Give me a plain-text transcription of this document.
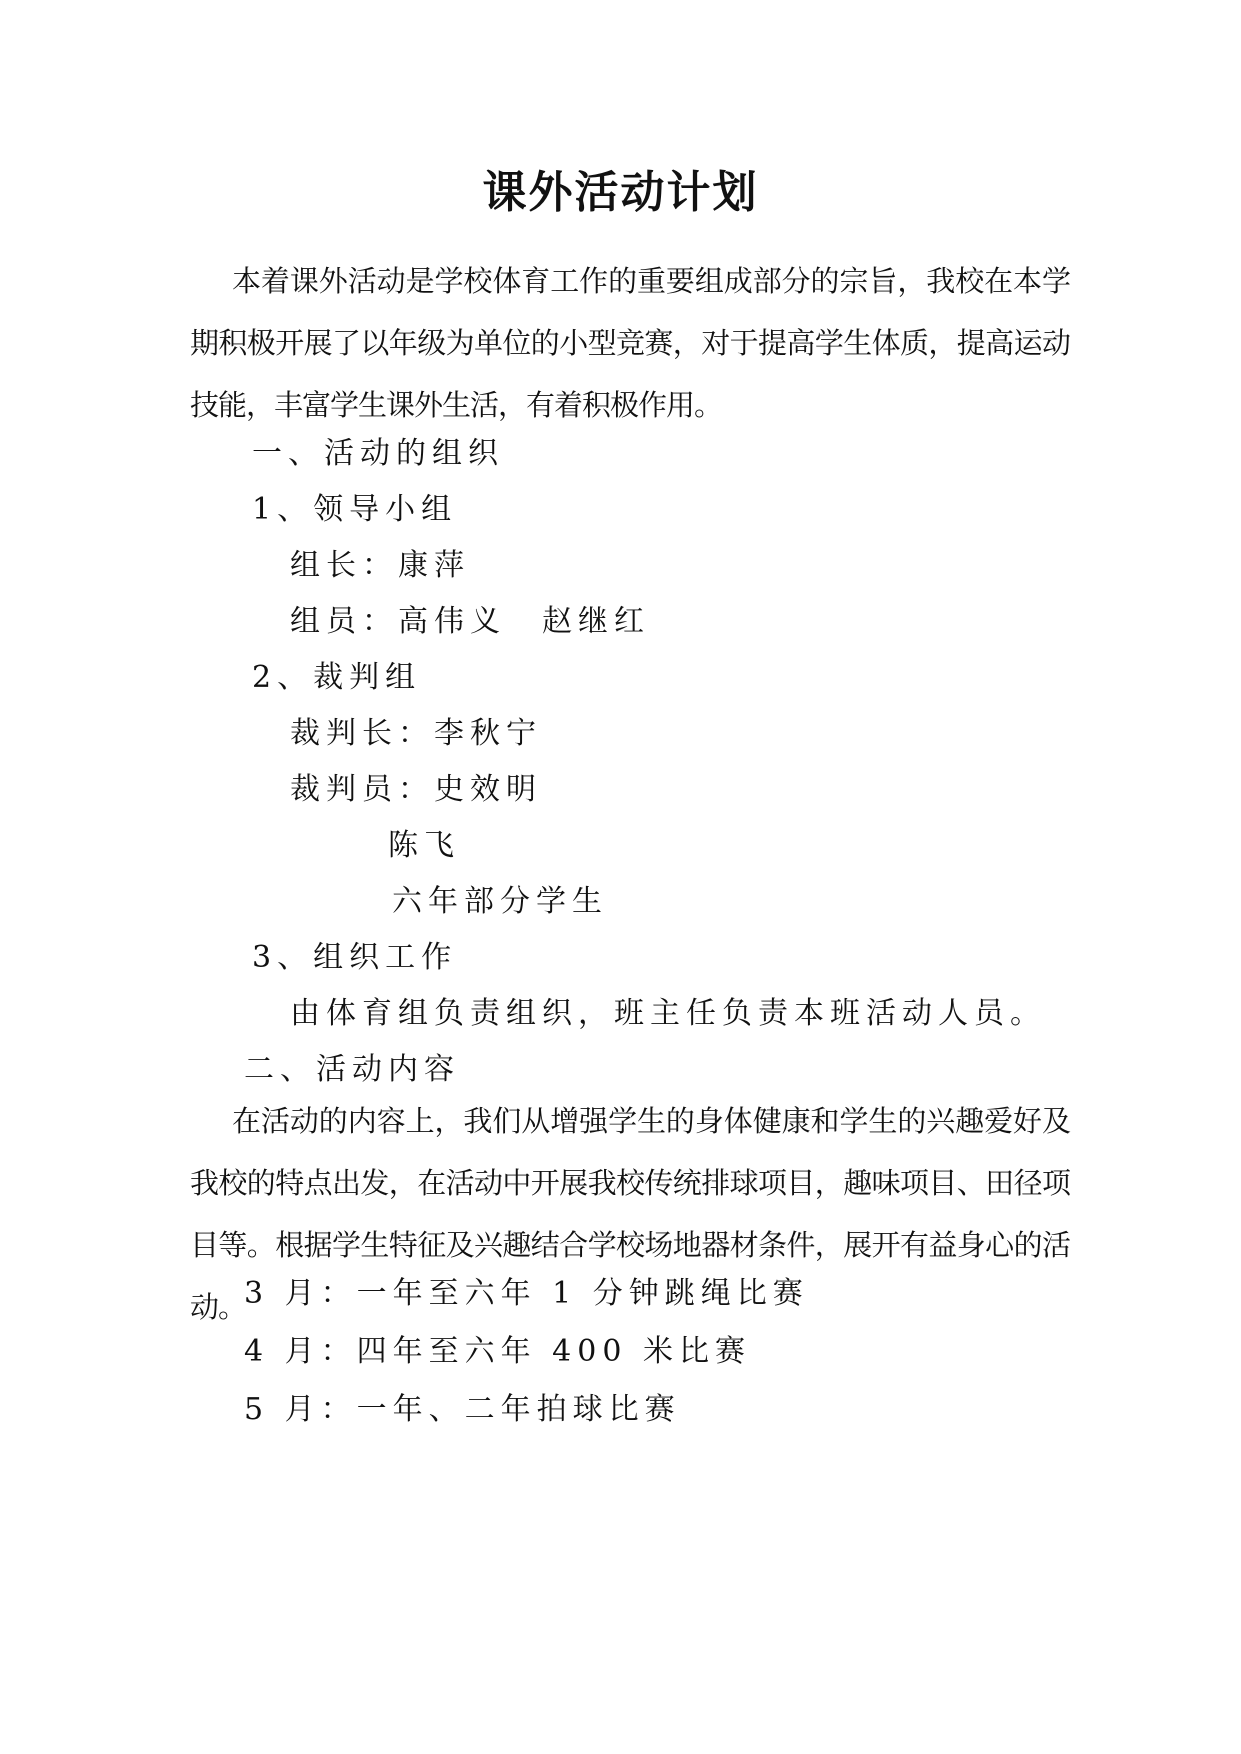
课外活动计划
本着课外活动是学校体育工作的重要组成部分的宗旨，我校在本学期积极开展了以年级为单位的小型竞赛，对于提高学生体质，提高运动技能，丰富学生课外生活，有着积极作用。
一、活动的组织
1、领导小组
组长：康萍
组员：高伟义　赵继红
2、裁判组
裁判长：李秋宁
裁判员：史效明
陈飞
六年部分学生
3、组织工作
由体育组负责组织，班主任负责本班活动人员。
二、活动内容
在活动的内容上，我们从增强学生的身体健康和学生的兴趣爱好及我校的特点出发，在活动中开展我校传统排球项目，趣味项目、田径项目等。根据学生特征及兴趣结合学校场地器材条件，展开有益身心的活动。
3 月：一年至六年 1 分钟跳绳比赛
4 月：四年至六年 400 米比赛
5 月：一年、二年拍球比赛
